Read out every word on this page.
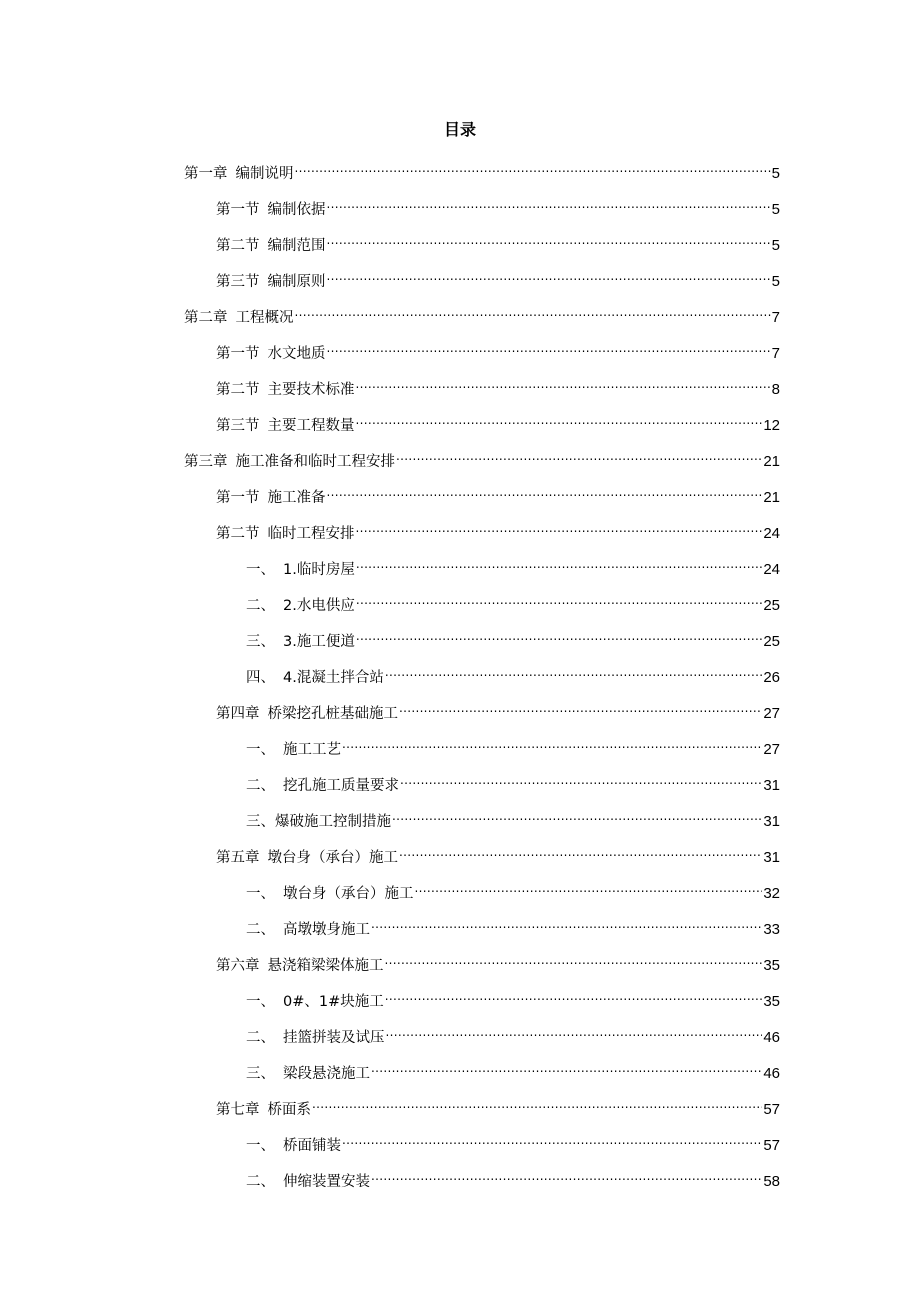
目录
第一章 编制说明 .....	5
第一节 编制依据 .....	5
第二节 编制范围 .....	5
第三节 编制原则 .....	5
第二章 工程概况 .....	7
第一节 水文地质 .....	7
第二节 主要技术标准 .....	8
第三节 主要工程数量 .....	12
第三章 施工准备和临时工程安排 .....	21
第一节 施工准备 .....	21
第二节 临时工程安排 .....	24
一、 1.临时房屋 .....	24
二、 2.水电供应 .....	25
三、 3.施工便道 .....	25
四、 4.混凝土拌合站 .....	26
第四章 桥梁挖孔桩基础施工 .....	27
一、 施工工艺 .....	27
二、 挖孔施工质量要求 .....	31
三、爆破施工控制措施 .....	31
第五章 墩台身（承台）施工 .....	31
一、 墩台身（承台）施工 .....	32
二、 高墩墩身施工 .....	33
第六章 悬浇箱梁梁体施工 .....	35
一、 0#、1#块施工 .....	35
二、 挂篮拼装及试压 .....	46
三、 梁段悬浇施工 .....	46
第七章 桥面系 .....	57
一、 桥面铺装 .....	57
二、 伸缩装置安装 .....	58
